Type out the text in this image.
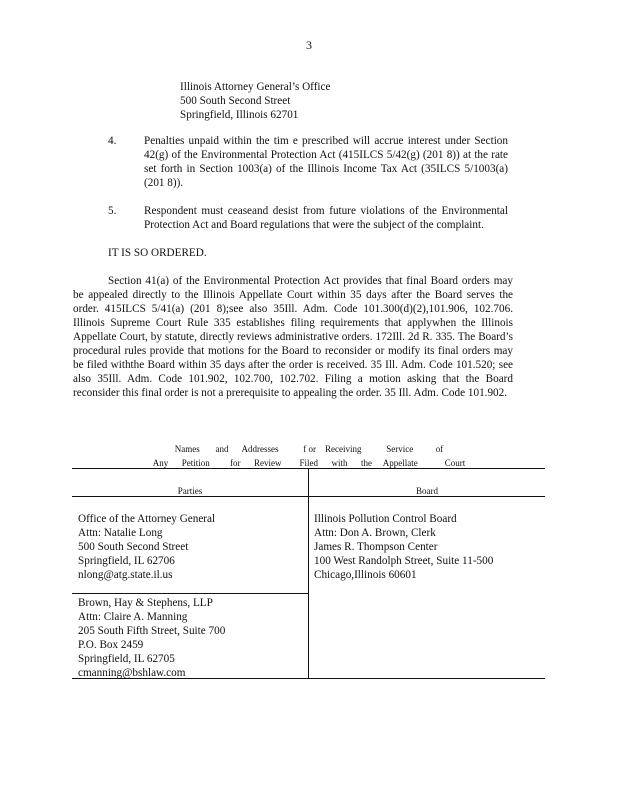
3
Illinois Attorney General’s Office
500 South Second Street
Springfield, Illinois 62701
4. Penalties unpaid within the tim e prescribed will accrue interest under Section 42(g) of the Environmental Protection Act (415ILCS 5/42(g) (201 8)) at the rate set forth in Section 1003(a) of the Illinois Income Tax Act (35ILCS 5/1003(a) (201 8)).
5. Respondent must ceaseand desist from future violations of the Environmental Protection Act and Board regulations that were the subject of the complaint.
IT IS SO ORDERED.
Section 41(a) of the Environmental Protection Act provides that final Board orders may be appealed directly to the Illinois Appellate Court within 35 days after the Board serves the order. 415ILCS 5/41(a) (201 8);see also 35Ill. Adm. Code 101.300(d)(2),101.906, 102.706. Illinois Supreme Court Rule 335 establishes filing requirements that applywhen the Illinois Appellate Court, by statute, directly reviews administrative orders. 172Ill. 2d R. 335. The Board’s procedural rules provide that motions for the Board to reconsider or modify its final orders may be filed withthe Board within 35 days after the order is received. 35 Ill. Adm. Code 101.520; see also 35Ill. Adm. Code 101.902, 102.700, 102.702. Filing a motion asking that the Board reconsider this final order is not a prerequisite to appealing the order. 35 Ill. Adm. Code 101.902.
Names       and      Addresses           f or    Receiving           Service          of
Any      Petition         for      Review        Filed      with      the     Appellate            Court
Parties	Board
Office of the Attorney General
Attn: Natalie Long
500 South Second Street
Springfield, IL 62706
nlong@atg.state.il.us
Brown, Hay & Stephens, LLP
Attn: Claire A. Manning
205 South Fifth Street, Suite 700
P.O. Box 2459
Springfield, IL 62705
cmanning@bshlaw.com
Illinois Pollution Control Board
Attn: Don A. Brown, Clerk
James R. Thompson Center
100 West Randolph Street, Suite 11-500
Chicago,Illinois 60601
